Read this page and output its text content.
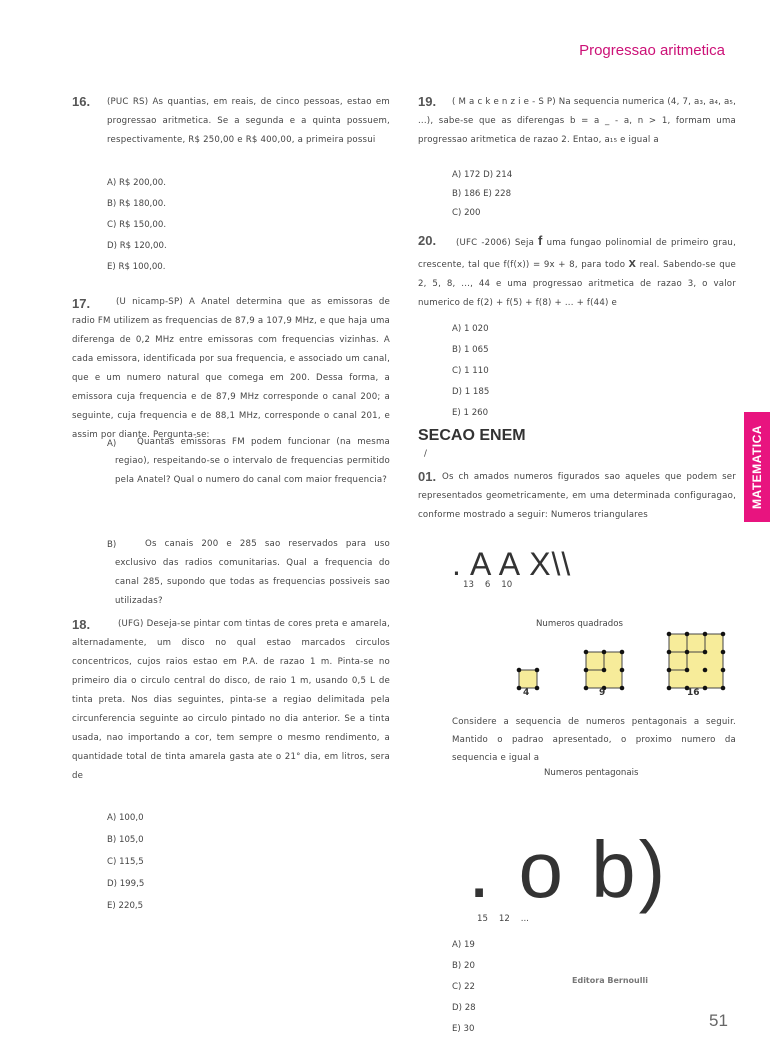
Progressao aritmetica
MATEMATICA
16. (PUC RS) As quantias, em reais, de cinco pessoas, estao em progressao aritmetica. Se a segunda e a quinta possuem, respectivamente, R$ 250,00 e R$ 400,00, a primeira possui
A) R$ 200,00.
B) R$ 180,00.
C) R$ 150,00.
D) R$ 120,00.
E) R$ 100,00.
17.	(U nicamp-SP) A Anatel determina que as emissoras de radio FM utilizem as frequencias de 87,9 a 107,9 MHz, e que haja uma diferenga de 0,2 MHz entre emissoras com frequencias vizinhas. A cada emissora, identificada por sua frequencia, e associado um canal, que e um numero natural que comega em 200. Dessa forma, a emissora cuja frequencia e de 87,9 MHz corresponde o canal 200; a seguinte, cuja frequencia e de 88,1 MHz, corresponde o canal 201, e assim por diante. Pergunta-se:
A)	Quantas emissoras FM podem funcionar (na mesma regiao), respeitando-se o intervalo de frequencias permitido pela Anatel? Qual o numero do canal com maior frequencia?
B)	Os canais 200 e 285 sao reservados para uso exclusivo das radios comunitarias. Qual a frequencia do canal 285, supondo que todas as frequencias possiveis sao utilizadas?
18.	(UFG) Deseja-se pintar com tintas de cores preta e amarela, alternadamente, um disco no qual estao marcados circulos concentricos, cujos raios estao em P.A. de razao 1 m. Pinta-se no primeiro dia o circulo central do disco, de raio 1 m, usando 0,5 L de tinta preta. Nos dias seguintes, pinta-se a regiao delimitada pela circunferencia seguinte ao circulo pintado no dia anterior. Se a tinta usada, nao importando a cor, tem sempre o mesmo rendimento, a quantidade total de tinta amarela gasta ate o 21° dia, em litros, sera de
A) 100,0
B) 105,0
C) 115,5
D) 199,5
E) 220,5
19.	( M a c k e n z i e - S P) Na sequencia numerica (4, 7, a₃, a₄, a₅, ...), sabe-se que as diferengas b = a _ - a, n > 1, formam uma progressao aritmetica de razao 2. Entao, a₁₅ e igual a
A) 172 D) 214
B) 186 E) 228
C) 200
20.	(UFC -2006) Seja f uma fungao polinomial de primeiro grau, crescente, tal que f(f(x)) = 9x + 8, para todo x real. Sabendo-se que 2, 5, 8, ..., 44 e uma progressao aritmetica de razao 3, o valor numerico de f(2) + f(5) + f(8) + ... + f(44) e
A) 1 020
B) 1 065
C) 1 110
D) 1 185
E) 1 260
SECAO ENEM
/
01. Os ch amados numeros figurados sao aqueles que podem ser representados geometricamente, em uma determinada configuragao, conforme mostrado a seguir: Numeros triangulares
. A A X\\
13    6    10
Numeros quadrados
4	9	16
Considere a sequencia de numeros pentagonais a seguir. Mantido o padrao apresentado, o proximo numero da sequencia e igual a
Numeros pentagonais
. o b)
15    12    ...
A) 19
B) 20
C) 22
D) 28
E) 30
Editora Bernoulli
51
